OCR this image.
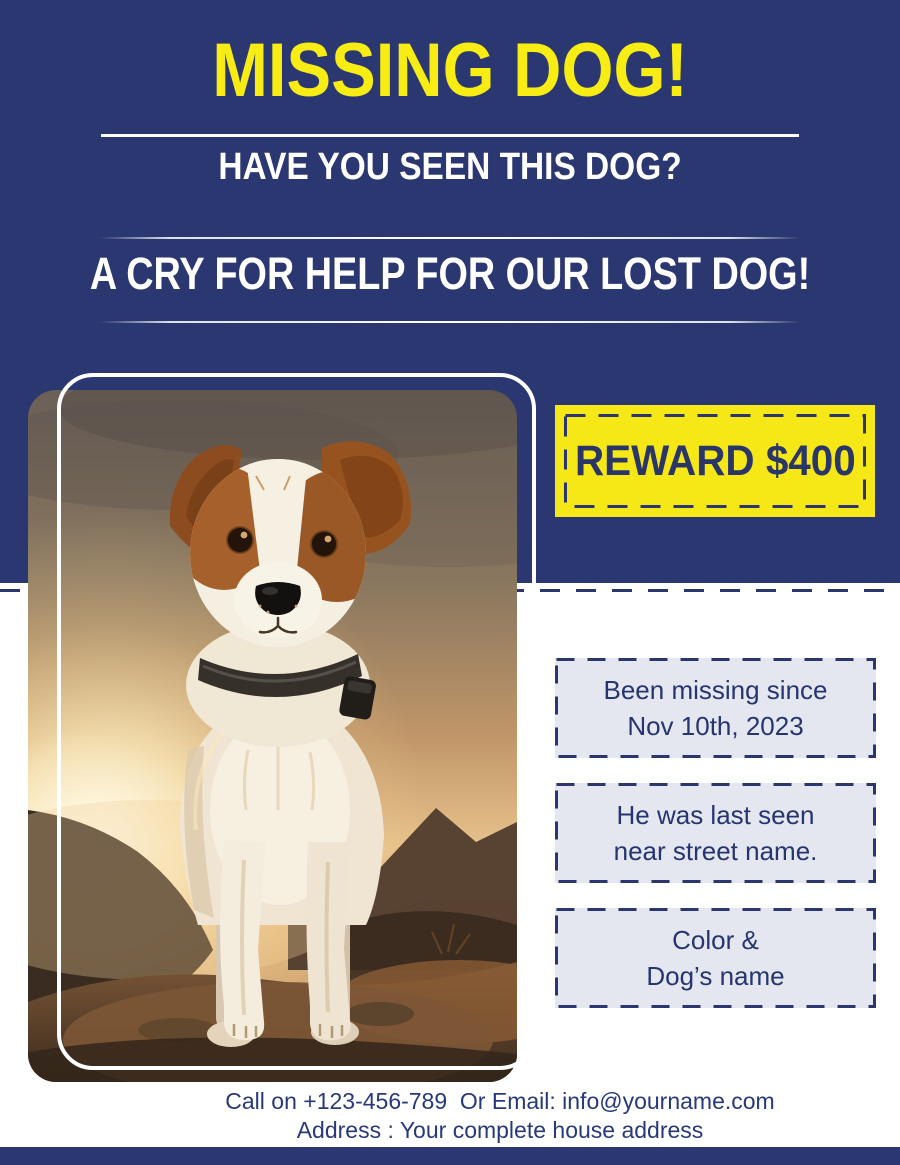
MISSING DOG!
HAVE YOU SEEN THIS DOG?
A CRY FOR HELP FOR OUR LOST DOG!
REWARD $400
Been missing since
Nov 10th, 2023
He was last seen
near street name.
Color &
Dog’s name
Call on +123-456-789  Or Email: info@yourname.com
Address : Your complete house address
